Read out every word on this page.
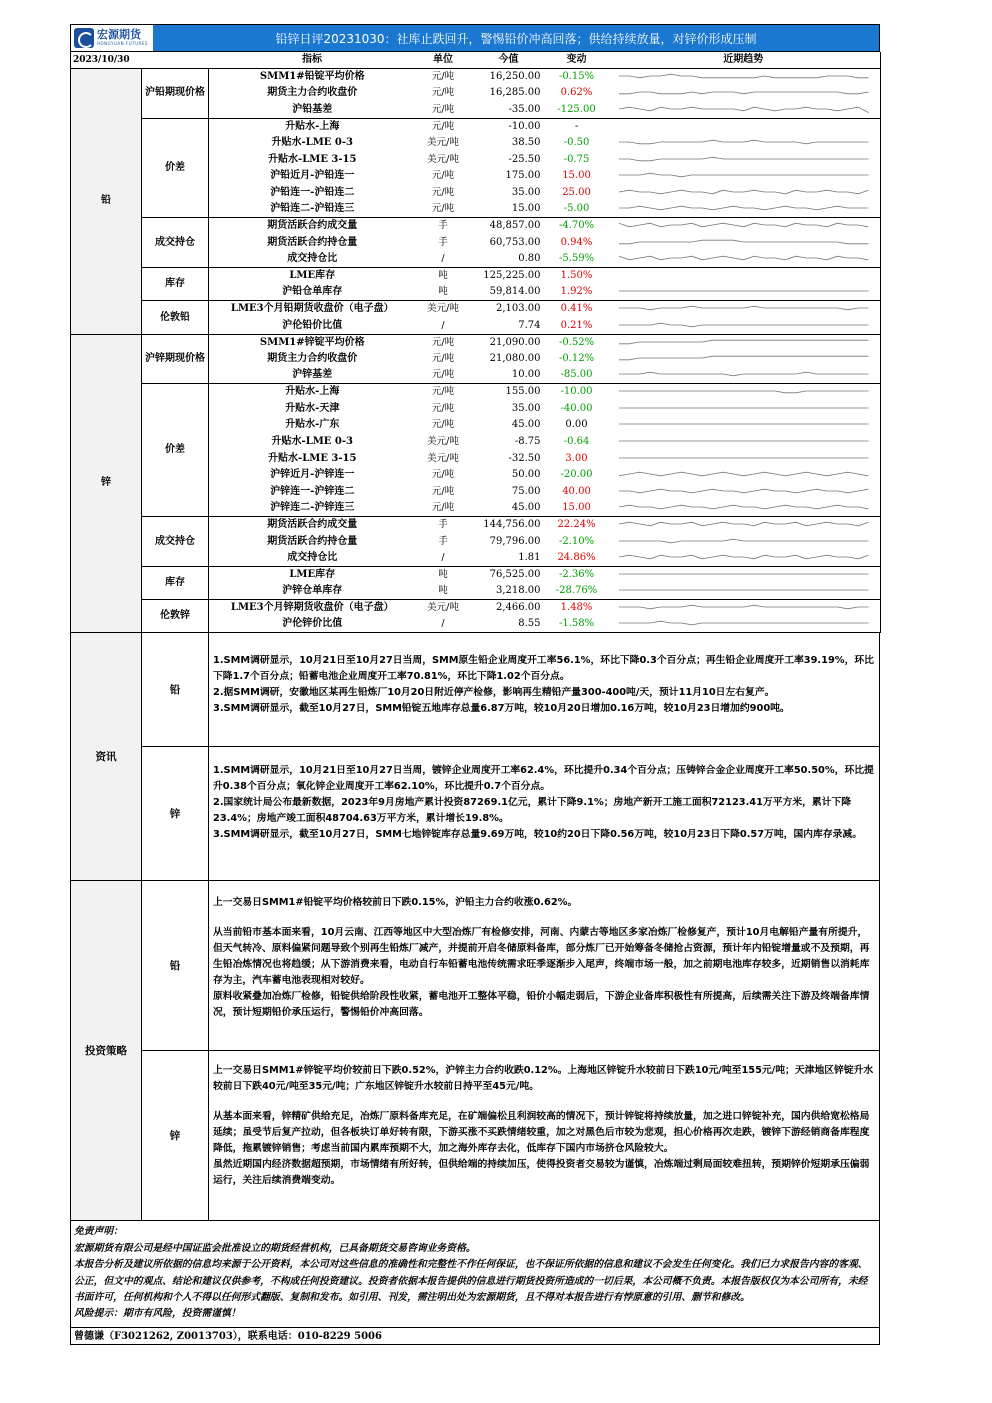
宏源期货
HONGYUAN FUTURES	铅锌日评20231030：社库止跌回升，警惕铅价冲高回落；供给持续放量，对锌价形成压制
2023/10/30		指标	单位	今值	变动	近期趋势
铅	沪铅期现价格	SMM1#铅锭平均价格	元/吨	16,250.00	-0.15%	

		期货主力合约收盘价	元/吨	16,285.00	0.62%	

		沪铅基差	元/吨	-35.00	-125.00	

	价差	升贴水-上海	元/吨	-10.00	-	

		升贴水-LME 0-3	美元/吨	38.50	-0.50	

		升贴水-LME 3-15	美元/吨	-25.50	-0.75	

		沪铅近月-沪铅连一	元/吨	175.00	15.00	

		沪铅连一-沪铅连二	元/吨	35.00	25.00	

		沪铅连二-沪铅连三	元/吨	15.00	-5.00	

	成交持仓	期货活跃合约成交量	手	48,857.00	-4.70%	

		期货活跃合约持仓量	手	60,753.00	0.94%	

		成交持仓比	/	0.80	-5.59%	

	库存	LME库存	吨	125,225.00	1.50%	

		沪铅仓单库存	吨	59,814.00	1.92%	

	伦敦铅	LME3个月铅期货收盘价（电子盘）	美元/吨	2,103.00	0.41%	

		沪伦铅价比值	/	7.74	0.21%	

锌	沪锌期现价格	SMM1#锌锭平均价格	元/吨	21,090.00	-0.52%	

		期货主力合约收盘价	元/吨	21,080.00	-0.12%	

		沪锌基差	元/吨	10.00	-85.00	

	价差	升贴水-上海	元/吨	155.00	-10.00	

		升贴水-天津	元/吨	35.00	-40.00	

		升贴水-广东	元/吨	45.00	0.00	

		升贴水-LME 0-3	美元/吨	-8.75	-0.64	

		升贴水-LME 3-15	美元/吨	-32.50	3.00	

		沪锌近月-沪锌连一	元/吨	50.00	-20.00	

		沪锌连一-沪锌连二	元/吨	75.00	40.00	

		沪锌连二-沪锌连三	元/吨	45.00	15.00	

	成交持仓	期货活跃合约成交量	手	144,756.00	22.24%	

		期货活跃合约持仓量	手	79,796.00	-2.10%	

		成交持仓比	/	1.81	24.86%	

	库存	LME库存	吨	76,525.00	-2.36%	

		沪锌仓单库存	吨	3,218.00	-28.76%	

	伦敦锌	LME3个月锌期货收盘价（电子盘）	美元/吨	2,466.00	1.48%	

		沪伦锌价比值	/	8.55	-1.58%	
资讯
铅

1.SMM调研显示，10月21日至10月27日当周，SMM原生铅企业周度开工率56.1%，环比下降0.3个百分点；再生铅企业周度开工率39.19%，环比下降1.7个百分点；铅蓄电池企业周度开工率70.81%，环比下降1.02个百分点。

2.据SMM调研，安徽地区某再生铅炼厂10月20日附近停产检修，影响再生精铅产量300-400吨/天，预计11月10日左右复产。

3.SMM调研显示，截至10月27日，SMM铅锭五地库存总量6.87万吨，较10月20日增加0.16万吨，较10月23日增加约900吨。

锌

1.SMM调研显示，10月21日至10月27日当周，镀锌企业周度开工率62.4%，环比提升0.34个百分点；压铸锌合金企业周度开工率50.50%，环比提升0.38个百分点；氧化锌企业周度开工率62.10%，环比提升0.7个百分点。

2.国家统计局公布最新数据，2023年9月房地产累计投资87269.1亿元，累计下降9.1%；房地产新开工施工面积72123.41万平方米，累计下降23.4%；房地产竣工面积48704.63万平方米，累计增长19.8%。

3.SMM调研显示，截至10月27日，SMM七地锌锭库存总量9.69万吨，较10约20日下降0.56万吨，较10月23日下降0.57万吨，国内库存录减。

投资策略
铅

上一交易日SMM1#铅锭平均价格较前日下跌0.15%，沪铅主力合约收涨0.62%。

从当前铅市基本面来看，10月云南、江西等地区中大型冶炼厂有检修安排，河南、内蒙古等地区多家冶炼厂检修复产，预计10月电解铅产量有所提升，但天气转冷、原料偏紧问题导致个别再生铅炼厂减产，并提前开启冬储原料备库，部分炼厂已开始筹备冬储抢占资源，预计年内铅锭增量或不及预期，再生铅冶炼情况也将趋缓；从下游消费来看，电动自行车铅蓄电池传统需求旺季逐渐步入尾声，终端市场一般，加之前期电池库存较多，近期销售以消耗库存为主，汽车蓄电池表现相对较好。

原料收紧叠加冶炼厂检修，铅锭供给阶段性收紧，蓄电池开工整体平稳，铅价小幅走弱后，下游企业备库积极性有所提高，后续需关注下游及终端备库情况，预计短期铅价承压运行，警惕铅价冲高回落。

锌

上一交易日SMM1#锌锭平均价较前日下跌0.52%，沪锌主力合约收跌0.12%。上海地区锌锭升水较前日下跌10元/吨至155元/吨；天津地区锌锭升水较前日下跌40元/吨至35元/吨；广东地区锌锭升水较前日持平至45元/吨。

从基本面来看，锌精矿供给充足，冶炼厂原料备库充足，在矿端偏松且利润较高的情况下，预计锌锭将持续放量，加之进口锌锭补充，国内供给宽松格局延续；虽受节后复产拉动，但各板块订单好转有限，下游买涨不买跌情绪较重，加之对黑色后市较为悲观，担心价格再次走跌，镀锌下游经销商备库程度降低，拖累镀锌销售；考虑当前国内累库预期不大，加之海外库存去化，低库存下国内市场挤仓风险较大。

虽然近期国内经济数据超预期，市场情绪有所好转，但供给端的持续加压，使得投资者交易较为谨慎，冶炼端过剩局面较难扭转，预期锌价短期承压偏弱运行，关注后续消费端变动。

免责声明：
宏源期货有限公司是经中国证监会批准设立的期货经营机构，已具备期货交易咨询业务资格。
本报告分析及建议所依据的信息均来源于公开资料，本公司对这些信息的准确性和完整性不作任何保证，也不保证所依据的信息和建议不会发生任何变化。我们已力求报告内容的客观、公正，但文中的观点、结论和建议仅供参考，不构成任何投资建议。投资者依据本报告提供的信息进行期货投资所造成的一切后果，本公司概不负责。本报告版权仅为本公司所有，未经书面许可，任何机构和个人不得以任何形式翻版、复制和发布。如引用、刊发，需注明出处为宏源期货，且不得对本报告进行有悖原意的引用、删节和修改。
风险提示：期市有风险，投资需谨慎！
曾德谦（F3021262, Z0013703），联系电话：010-8229 5006
